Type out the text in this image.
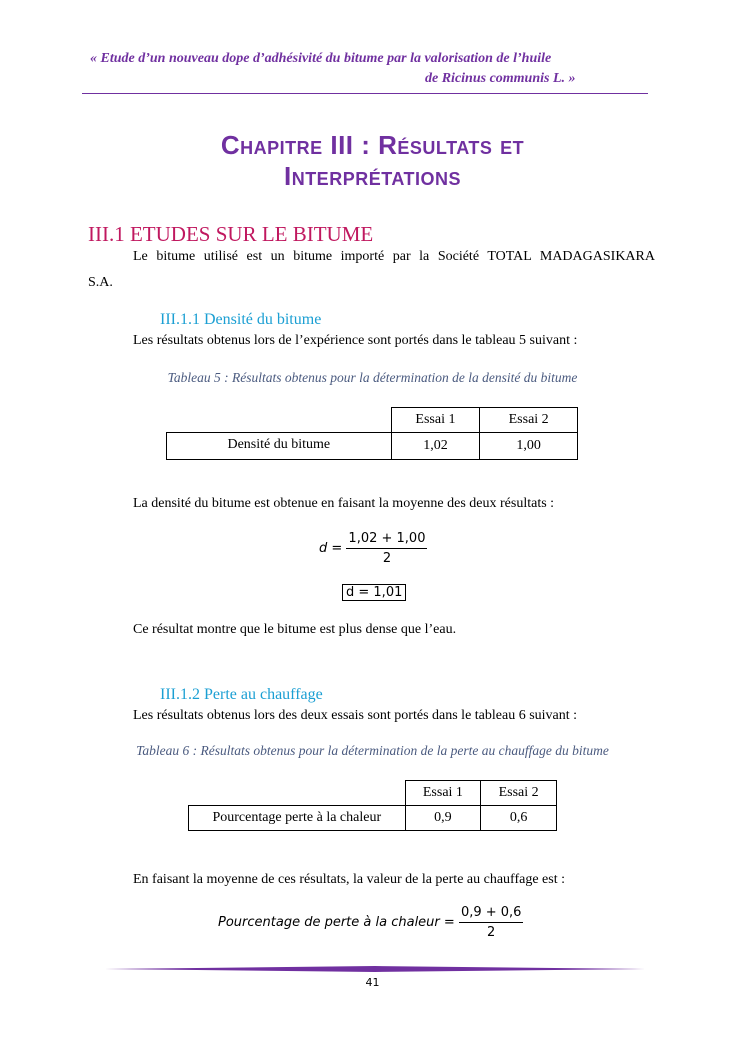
« Etude d’un nouveau dope d’adhésivité du bitume par la valorisation de l’huile
de Ricinus communis L. »
Chapitre III : Résultats et
Interprétations
III.1 ETUDES SUR LE BITUME
Le bitume utilisé est un bitume importé par la Société TOTAL MADAGASIKARA
S.A.
III.1.1 Densité du bitume
Les résultats obtenus lors de l’expérience sont portés dans le tableau 5 suivant :
Tableau 5 : Résultats obtenus pour la détermination de la densité du bitume
	Essai 1	Essai 2
Densité du bitume	1,02	1,00
La densité du bitume est obtenue en faisant la moyenne des deux résultats :
$d = \frac{1,02 + 1,00}{2}$
d = 1,01
Ce résultat montre que le bitume est plus dense que l’eau.
III.1.2 Perte au chauffage
Les résultats obtenus lors des deux essais sont portés dans le tableau 6 suivant :
Tableau 6 : Résultats obtenus pour la détermination de la perte au chauffage du bitume
	Essai 1	Essai 2
Pourcentage perte à la chaleur	0,9	0,6
En faisant la moyenne de ces résultats, la valeur de la perte au chauffage est :
Pourcentage de perte à la chaleur = $\frac{0,9 + 0,6}{2}$
41
